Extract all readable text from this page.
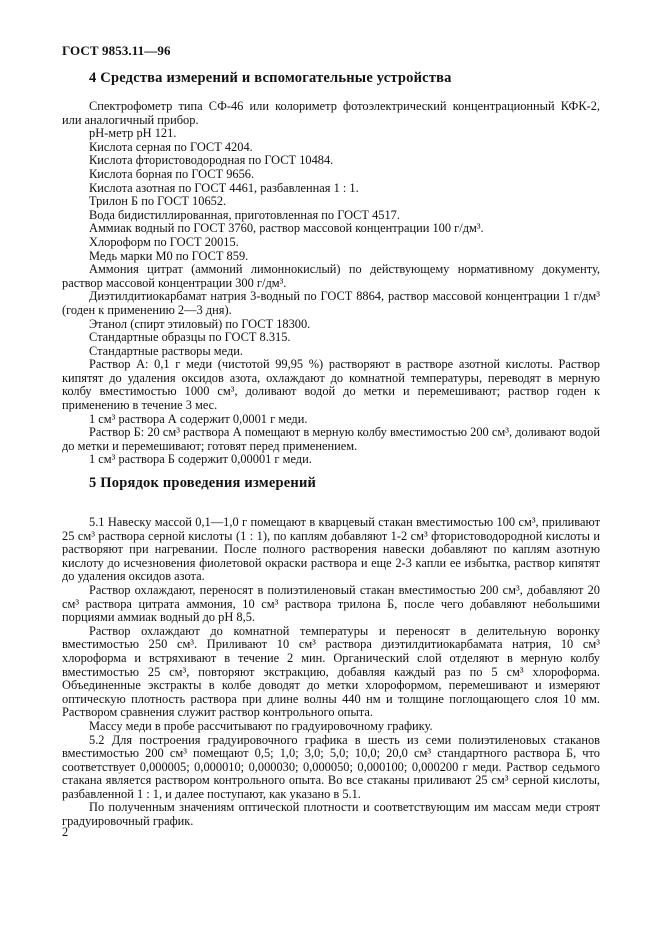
ГОСТ 9853.11—96
4 Средства измерений и вспомогательные устройства

Спектрофометр типа СФ-46 или колориметр фотоэлектрический концентрационный КФК-2, или аналогичный прибор.

рН-метр рН 121.

Кислота серная по ГОСТ 4204.

Кислота фтористоводородная по ГОСТ 10484.

Кислота борная по ГОСТ 9656.

Кислота азотная по ГОСТ 4461, разбавленная 1 : 1.

Трилон Б по ГОСТ 10652.

Вода бидистиллированная, приготовленная по ГОСТ 4517.

Аммиак водный по ГОСТ 3760, раствор массовой концентрации 100 г/дм³.

Хлороформ по ГОСТ 20015.

Медь марки М0 по ГОСТ 859.

Аммония цитрат (аммоний лимоннокислый) по действующему нормативному документу, раствор массовой концентрации 300 г/дм³.

Диэтилдитиокарбамат натрия 3-водный по ГОСТ 8864, раствор массовой концентрации 1 г/дм³ (годен к применению 2—3 дня).

Этанол (спирт этиловый) по ГОСТ 18300.

Стандартные образцы по ГОСТ 8.315.

Стандартные растворы меди.

Раствор А: 0,1 г меди (чистотой 99,95 %) растворяют в растворе азотной кислоты. Раствор кипятят до удаления оксидов азота, охлаждают до комнатной температуры, переводят в мерную колбу вместимостью 1000 см³, доливают водой до метки и перемешивают; раствор годен к применению в течение 3 мес.

1 см³ раствора А содержит 0,0001 г меди.

Раствор Б: 20 см³ раствора А помещают в мерную колбу вместимостью 200 см³, доливают водой до метки и перемешивают; готовят перед применением.

1 см³ раствора Б содержит 0,00001 г меди.

5 Порядок проведения измерений

5.1 Навеску массой 0,1—1,0 г помещают в кварцевый стакан вместимостью 100 см³, приливают 25 см³ раствора серной кислоты (1 : 1), по каплям добавляют 1-2 см³ фтористоводородной кислоты и растворяют при нагревании. После полного растворения навески добавляют по каплям азотную кислоту до исчезновения фиолетовой окраски раствора и еще 2-3 капли ее избытка, раствор кипятят до удаления оксидов азота.

Раствор охлаждают, переносят в полиэтиленовый стакан вместимостью 200 см³, добавляют 20 см³ раствора цитрата аммония, 10 см³ раствора трилона Б, после чего добавляют небольшими порциями аммиак водный до рН 8,5.

Раствор охлаждают до комнатной температуры и переносят в делительную воронку вместимостью 250 см³. Приливают 10 см³ раствора диэтилдитиокарбамата натрия, 10 см³ хлороформа и встряхивают в течение 2 мин. Органический слой отделяют в мерную колбу вместимостью 25 см³, повторяют экстракцию, добавляя каждый раз по 5 см³ хлороформа. Объединенные экстракты в колбе доводят до метки хлороформом, перемешивают и измеряют оптическую плотность раствора при длине волны 440 нм и толщине поглощающего слоя 10 мм. Раствором сравнения служит раствор контрольного опыта.

Массу меди в пробе рассчитывают по градуировочному графику.

5.2 Для построения градуировочного графика в шесть из семи полиэтиленовых стаканов вместимостью 200 см³ помещают 0,5; 1,0; 3,0; 5,0; 10,0; 20,0 см³ стандартного раствора Б, что соответствует 0,000005; 0,000010; 0,000030; 0,000050; 0,000100; 0,000200 г меди. Раствор седьмого стакана является раствором контрольного опыта. Во все стаканы приливают 25 см³ серной кислоты, разбавленной 1 : 1, и далее поступают, как указано в 5.1.

По полученным значениям оптической плотности и соответствующим им массам меди строят градуировочный график.

2
